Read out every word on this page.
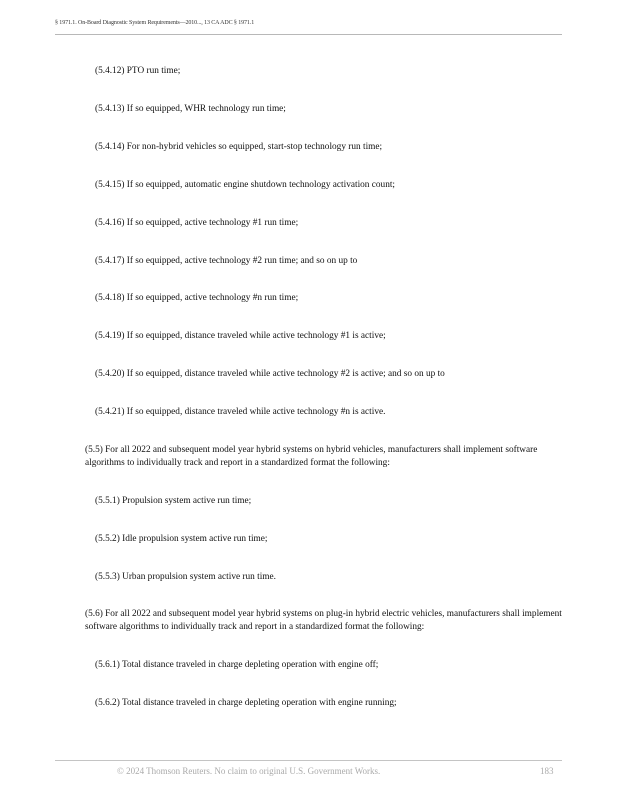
§ 1971.1. On-Board Diagnostic System Requirements—2010..., 13 CA ADC § 1971.1
(5.4.12) PTO run time;
(5.4.13) If so equipped, WHR technology run time;
(5.4.14) For non-hybrid vehicles so equipped, start-stop technology run time;
(5.4.15) If so equipped, automatic engine shutdown technology activation count;
(5.4.16) If so equipped, active technology #1 run time;
(5.4.17) If so equipped, active technology #2 run time; and so on up to
(5.4.18) If so equipped, active technology #n run time;
(5.4.19) If so equipped, distance traveled while active technology #1 is active;
(5.4.20) If so equipped, distance traveled while active technology #2 is active; and so on up to
(5.4.21) If so equipped, distance traveled while active technology #n is active.
(5.5) For all 2022 and subsequent model year hybrid systems on hybrid vehicles, manufacturers shall implement software algorithms to individually track and report in a standardized format the following:
(5.5.1) Propulsion system active run time;
(5.5.2) Idle propulsion system active run time;
(5.5.3) Urban propulsion system active run time.
(5.6) For all 2022 and subsequent model year hybrid systems on plug-in hybrid electric vehicles, manufacturers shall implement software algorithms to individually track and report in a standardized format the following:
(5.6.1) Total distance traveled in charge depleting operation with engine off;
(5.6.2) Total distance traveled in charge depleting operation with engine running;
© 2024 Thomson Reuters. No claim to original U.S. Government Works.	183
